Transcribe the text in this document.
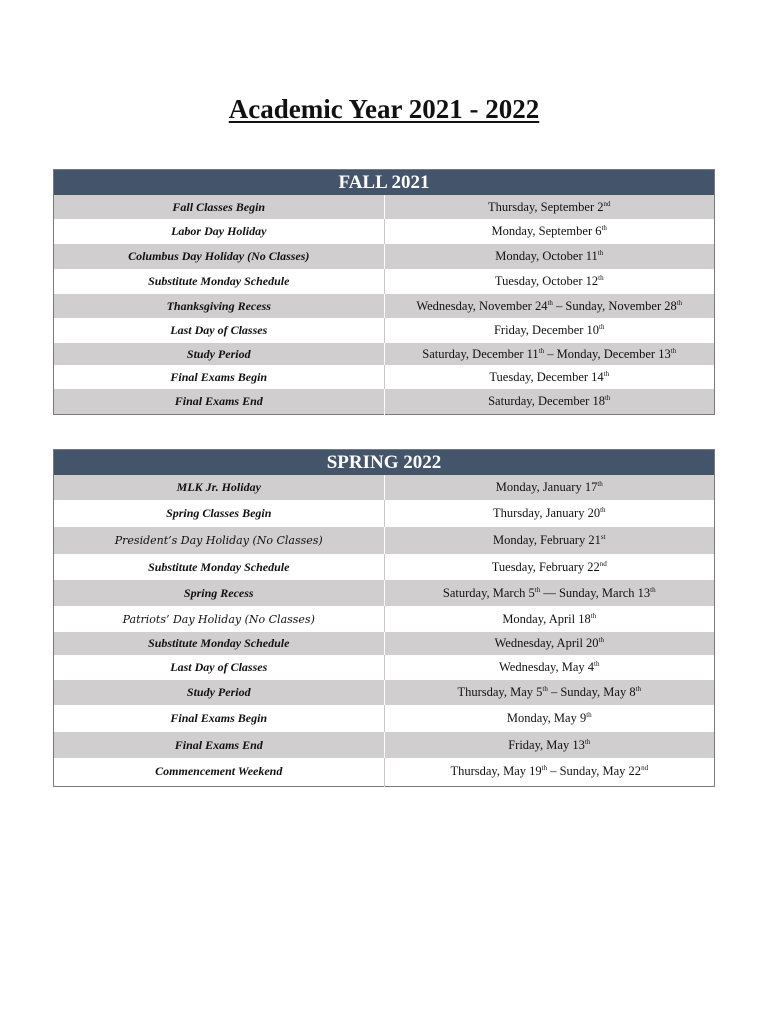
Academic Year 2021 - 2022
FALL 2021	
Fall Classes Begin	Thursday, September 2nd
Labor Day Holiday	Monday, September 6th
Columbus Day Holiday (No Classes)	Monday, October 11th
Substitute Monday Schedule	Tuesday, October 12th
Thanksgiving Recess	Wednesday, November 24th – Sunday, November 28th
Last Day of Classes	Friday, December 10th
Study Period	Saturday, December 11th – Monday, December 13th
Final Exams Begin	Tuesday, December 14th
Final Exams End	Saturday, December 18th
SPRING 2022	
MLK Jr. Holiday	Monday, January 17th
Spring Classes Begin	Thursday, January 20th
President’s Day Holiday (No Classes)	Monday, February 21st
Substitute Monday Schedule	Tuesday, February 22nd
Spring Recess	Saturday, March 5th — Sunday, March 13th
Patriots’ Day Holiday (No Classes)	Monday, April 18th
Substitute Monday Schedule	Wednesday, April 20th
Last Day of Classes	Wednesday, May 4th
Study Period	Thursday, May 5th – Sunday, May 8th
Final Exams Begin	Monday, May 9th
Final Exams End	Friday, May 13th
Commencement Weekend	Thursday, May 19th – Sunday, May 22nd
